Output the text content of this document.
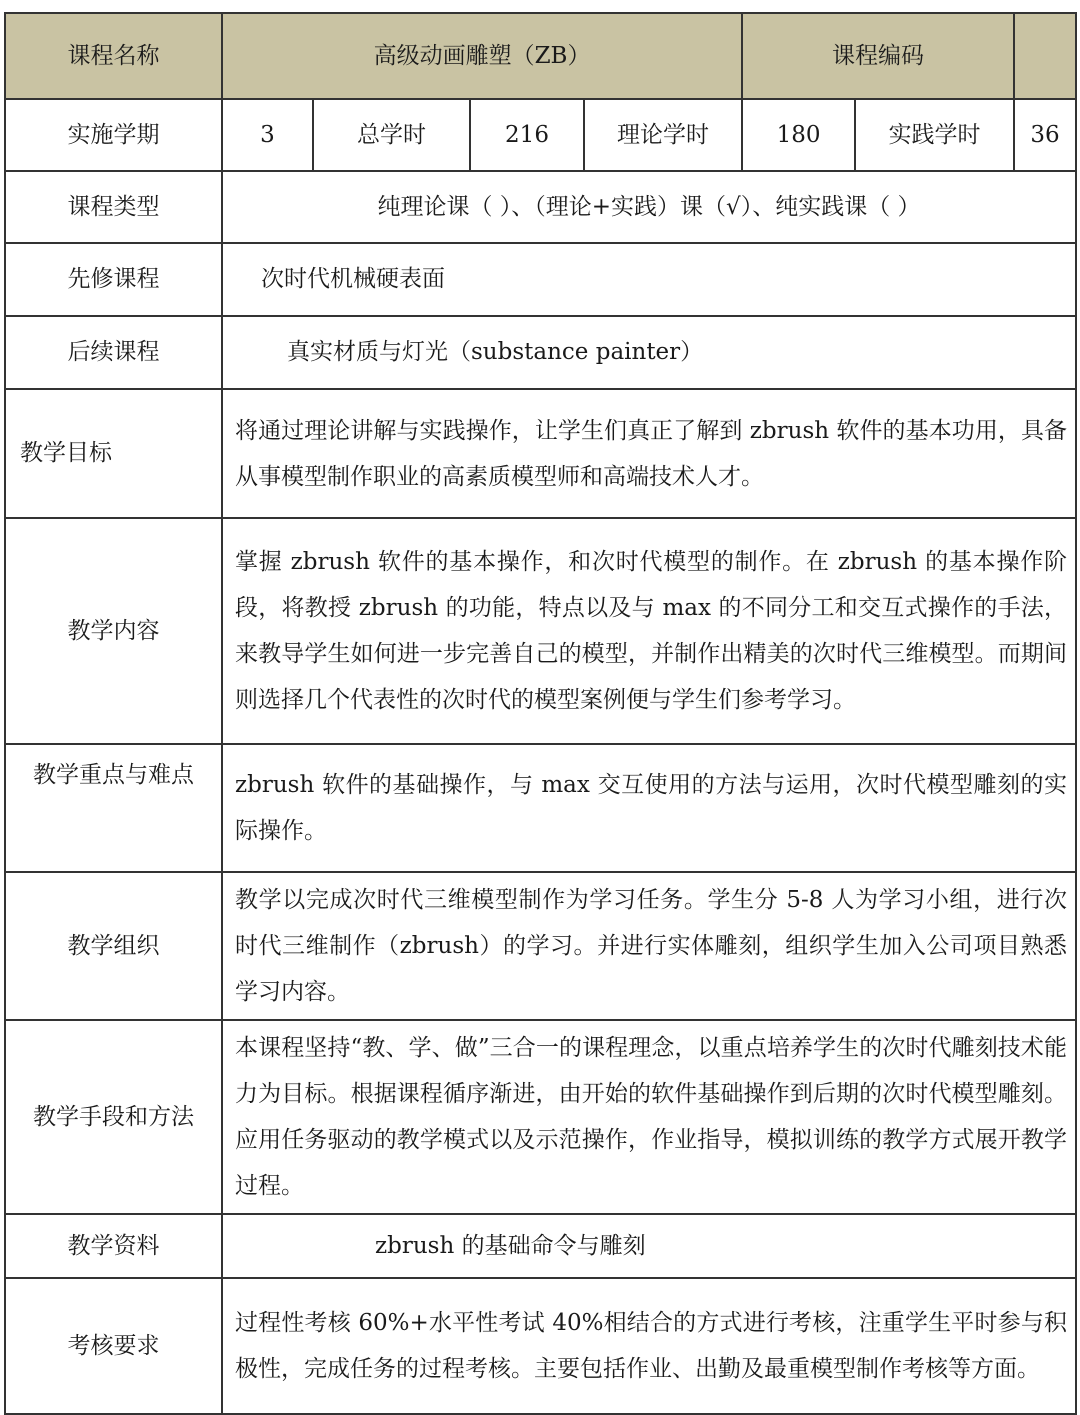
课程名称	高级动画雕塑（ZB）				课程编码		
实施学期	3	总学时	216	理论学时	180	实践学时	36
课程类型	纯理论课（ ）、（理论+实践）课（√）、纯实践课（ ）						
先修课程	次时代机械硬表面						
后续课程	真实材质与灯光（substance painter）						
教学目标	将通过理论讲解与实践操作，让学生们真正了解到 zbrush 软件的基本功用，具备从事模型制作职业的高素质模型师和高端技术人才。						
教学内容	掌握 zbrush 软件的基本操作，和次时代模型的制作。在 zbrush 的基本操作阶段，将教授 zbrush 的功能，特点以及与 max 的不同分工和交互式操作的手法，来教导学生如何进一步完善自己的模型，并制作出精美的次时代三维模型。而期间则选择几个代表性的次时代的模型案例便与学生们参考学习。						
教学重点与难点	zbrush 软件的基础操作，与 max 交互使用的方法与运用，次时代模型雕刻的实际操作。						
教学组织	教学以完成次时代三维模型制作为学习任务。学生分 5-8 人为学习小组，进行次时代三维制作（zbrush）的学习。并进行实体雕刻，组织学生加入公司项目熟悉学习内容。						
教学手段和方法	本课程坚持“教、学、做”三合一的课程理念，以重点培养学生的次时代雕刻技术能力为目标。根据课程循序渐进，由开始的软件基础操作到后期的次时代模型雕刻。应用任务驱动的教学模式以及示范操作，作业指导，模拟训练的教学方式展开教学过程。						
教学资料	zbrush 的基础命令与雕刻						
考核要求	过程性考核 60%+水平性考试 40%相结合的方式进行考核，注重学生平时参与积极性，完成任务的过程考核。主要包括作业、出勤及最重模型制作考核等方面。						
